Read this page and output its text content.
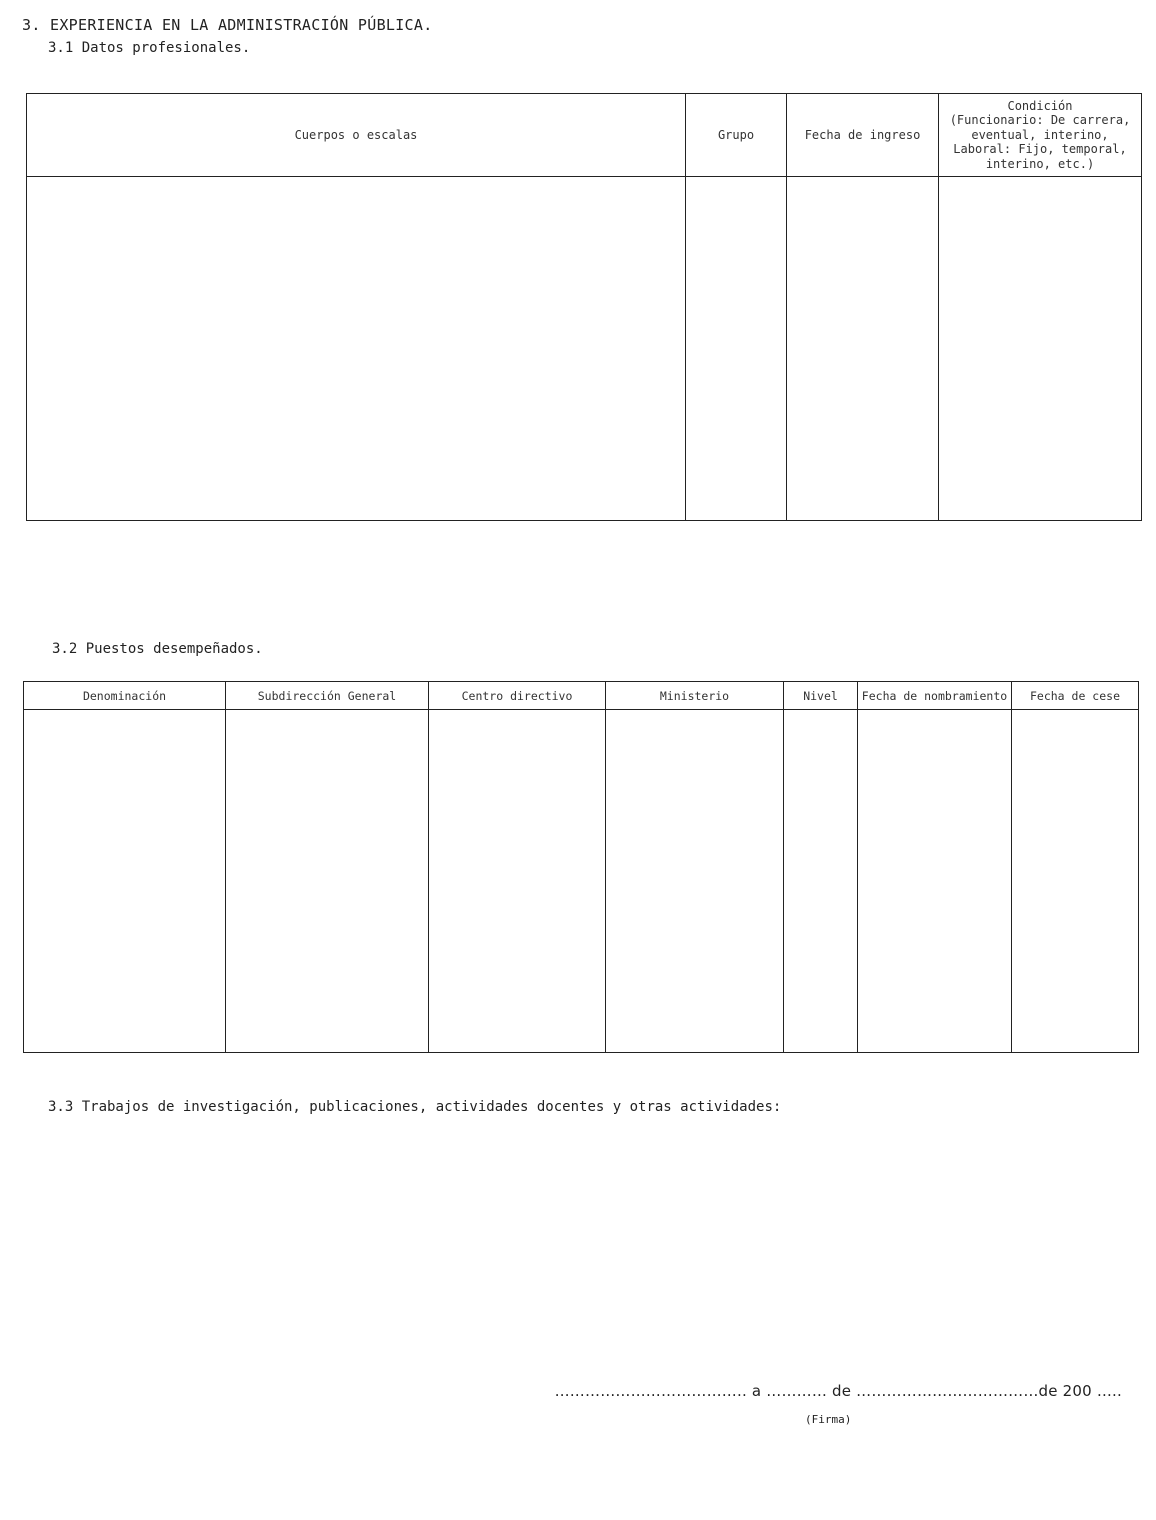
3. EXPERIENCIA EN LA ADMINISTRACIÓN PÚBLICA.
3.1 Datos profesionales.
Cuerpos o escalas	Grupo	Fecha de ingreso	Condición
(Funcionario: De carrera,
eventual, interino,
Laboral: Fijo, temporal,
interino, etc.)

3.2 Puestos desempeñados.
Denominación	Subdirección General	Centro directivo	Ministerio	Nivel	Fecha de nombramiento	Fecha de cese

3.3 Trabajos de investigación, publicaciones, actividades docentes y otras actividades:
……………………………….. a ………… de ………………………………de 200 …..
(Firma)
